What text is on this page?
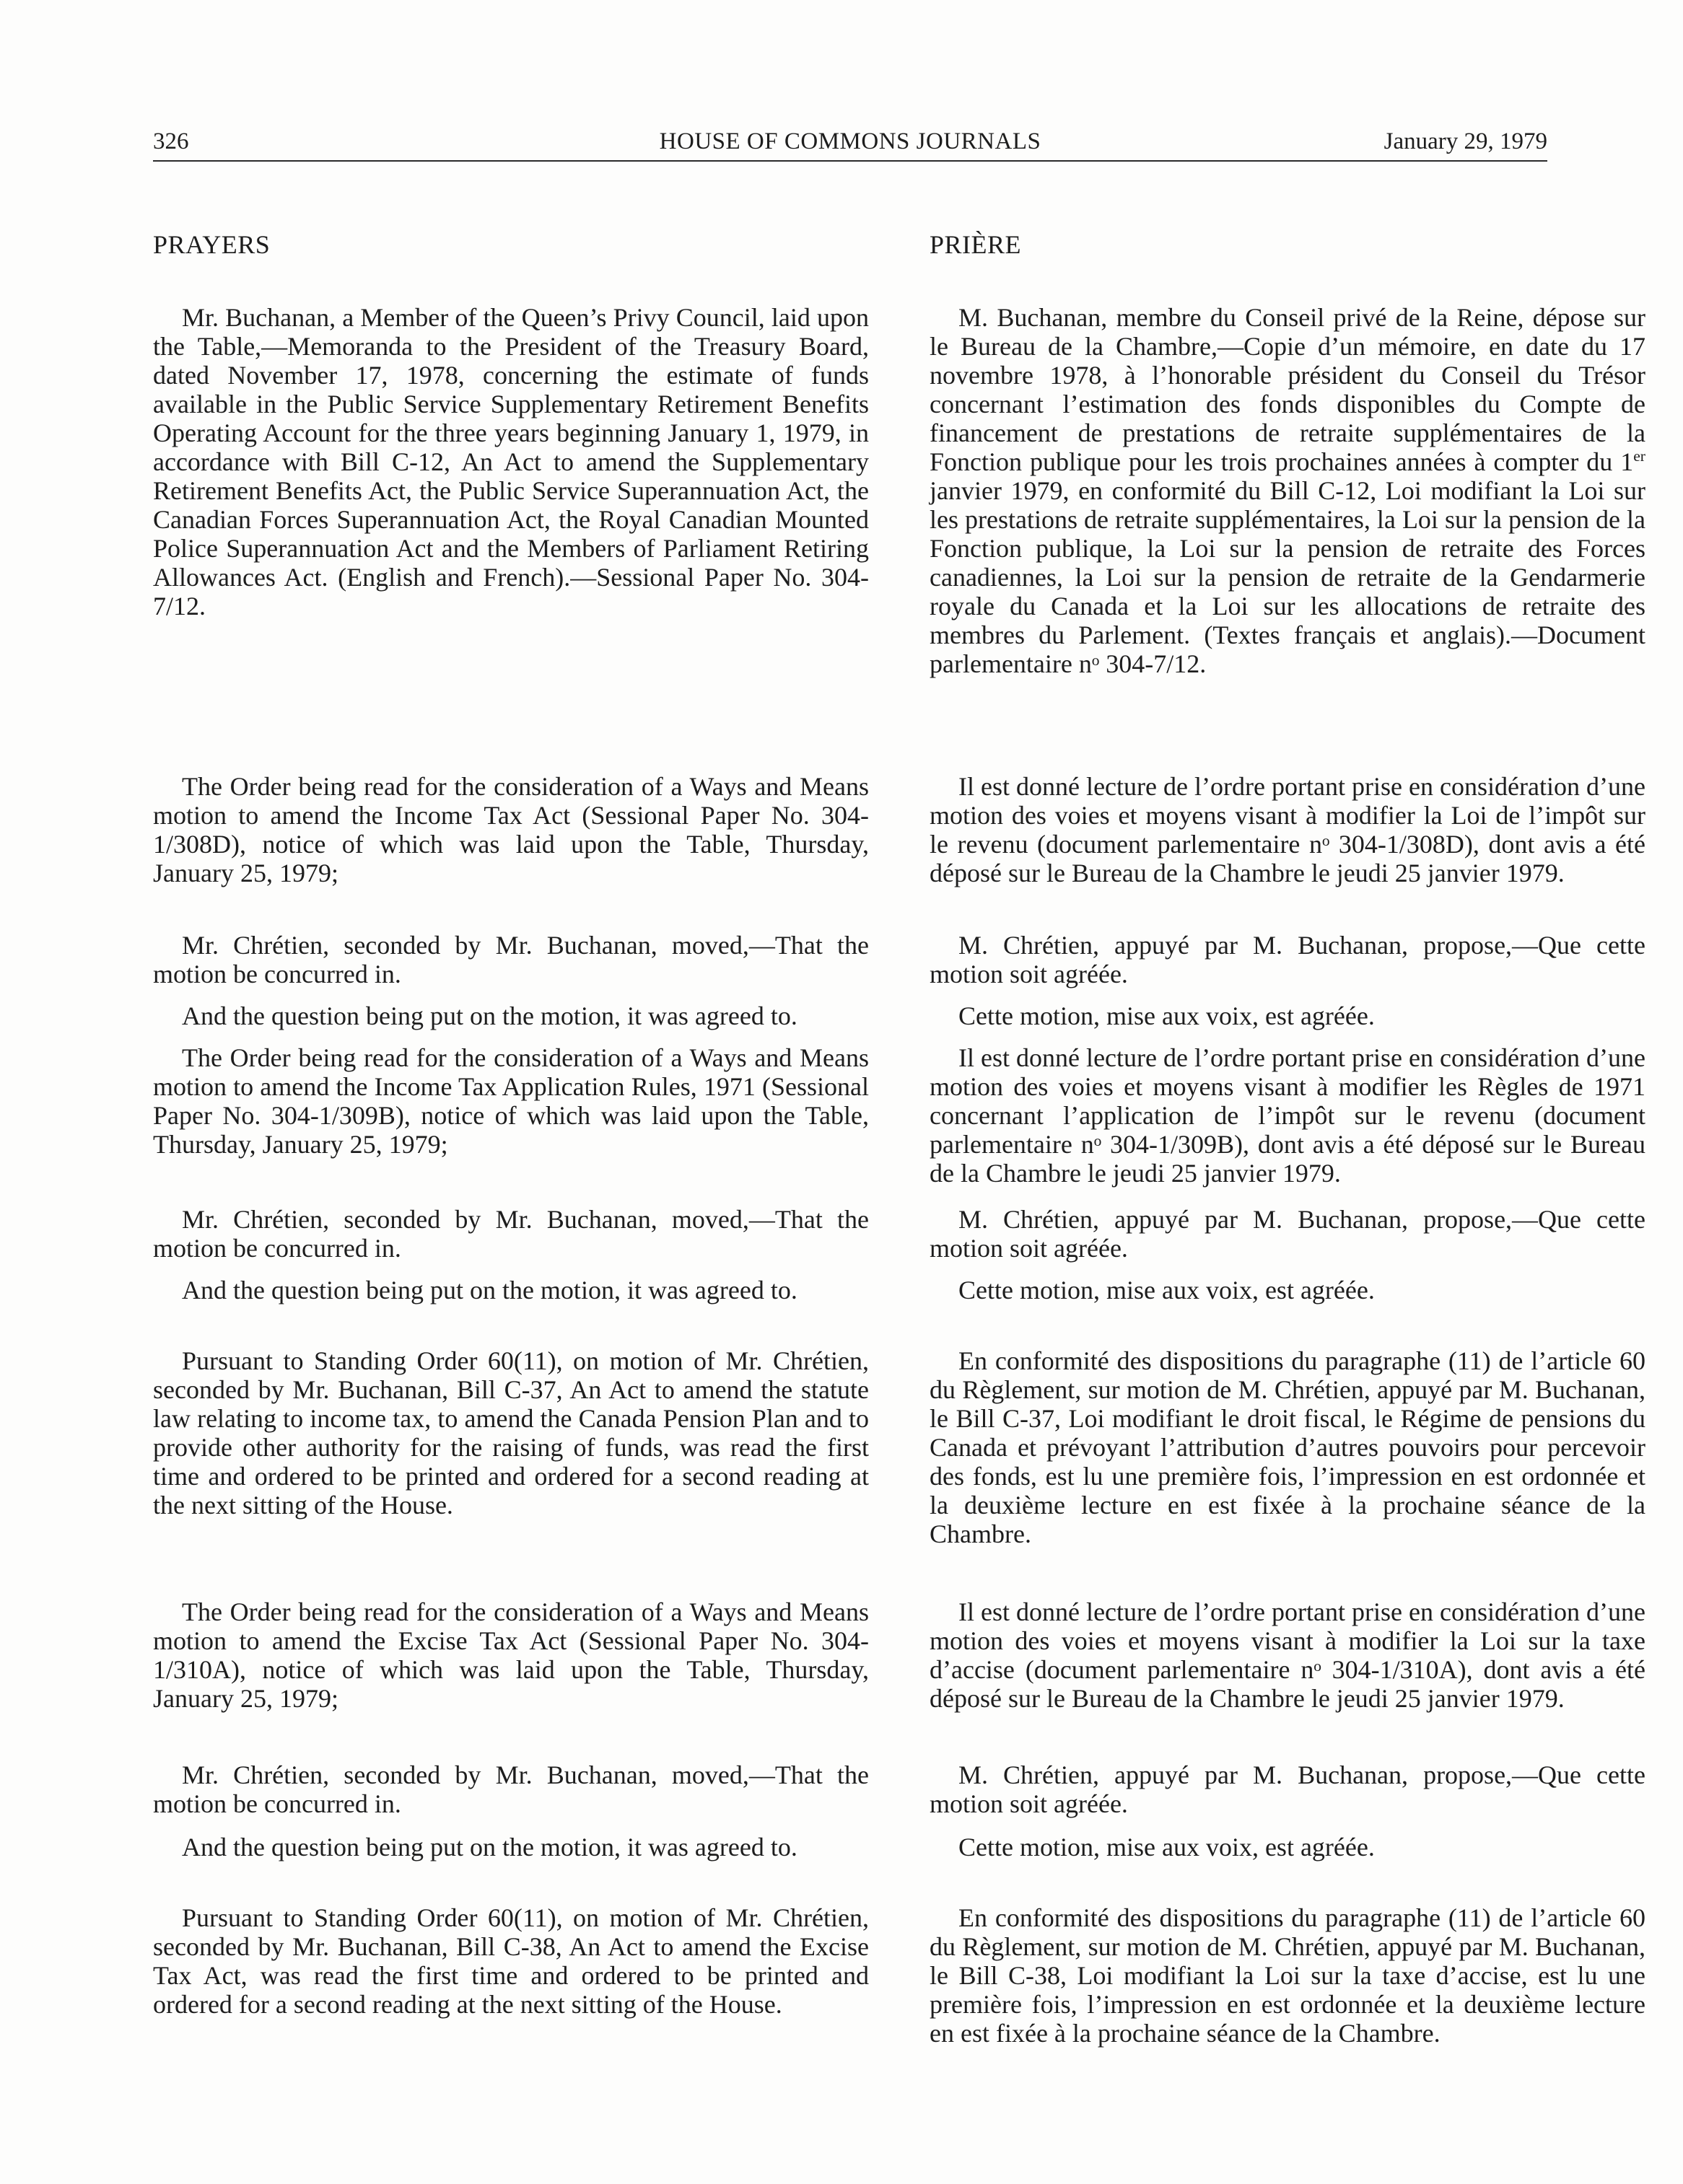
326	HOUSE OF COMMONS JOURNALS	January 29, 1979
PRAYERS
Mr. Buchanan, a Member of the Queen’s Privy Council, laid upon the Table,—Memoranda to the President of the Treasury Board, dated November 17, 1978, concerning the estimate of funds available in the Public Service Supplementary Retirement Benefits Operating Account for the three years beginning January 1, 1979, in accordance with Bill C-12, An Act to amend the Supplementary Retirement Benefits Act, the Public Service Superannuation Act, the Canadian Forces Superannuation Act, the Royal Canadian Mounted Police Superannuation Act and the Members of Parliament Retiring Allowances Act. (English and French).—Sessional Paper No. 304-7/12.
The Order being read for the consideration of a Ways and Means motion to amend the Income Tax Act (Sessional Paper No. 304-1/308D), notice of which was laid upon the Table, Thursday, January 25, 1979;
Mr. Chrétien, seconded by Mr. Buchanan, moved,—That the motion be concurred in.
And the question being put on the motion, it was agreed to.
The Order being read for the consideration of a Ways and Means motion to amend the Income Tax Application Rules, 1971 (Sessional Paper No. 304-1/309B), notice of which was laid upon the Table, Thursday, January 25, 1979;
Mr. Chrétien, seconded by Mr. Buchanan, moved,—That the motion be concurred in.
And the question being put on the motion, it was agreed to.
Pursuant to Standing Order 60(11), on motion of Mr. Chrétien, seconded by Mr. Buchanan, Bill C-37, An Act to amend the statute law relating to income tax, to amend the Canada Pension Plan and to provide other authority for the raising of funds, was read the first time and ordered to be printed and ordered for a second reading at the next sitting of the House.
The Order being read for the consideration of a Ways and Means motion to amend the Excise Tax Act (Sessional Paper No. 304-1/310A), notice of which was laid upon the Table, Thursday, January 25, 1979;
Mr. Chrétien, seconded by Mr. Buchanan, moved,—That the motion be concurred in.
And the question being put on the motion, it was agreed to.
Pursuant to Standing Order 60(11), on motion of Mr. Chrétien, seconded by Mr. Buchanan, Bill C-38, An Act to amend the Excise Tax Act, was read the first time and ordered to be printed and ordered for a second reading at the next sitting of the House.
PRIÈRE
M. Buchanan, membre du Conseil privé de la Reine, dépose sur le Bureau de la Chambre,—Copie d’un mémoire, en date du 17 novembre 1978, à l’honorable président du Conseil du Trésor concernant l’estimation des fonds disponibles du Compte de financement de prestations de retraite supplémentaires de la Fonction publique pour les trois prochaines années à compter du 1er janvier 1979, en conformité du Bill C-12, Loi modifiant la Loi sur les prestations de retraite supplémentaires, la Loi sur la pension de la Fonction publique, la Loi sur la pension de retraite des Forces canadiennes, la Loi sur la pension de retraite de la Gendarmerie royale du Canada et la Loi sur les allocations de retraite des membres du Parlement. (Textes français et anglais).—Document parlementaire nᵒ 304-7/12.
Il est donné lecture de l’ordre portant prise en considération d’une motion des voies et moyens visant à modifier la Loi de l’impôt sur le revenu (document parlementaire nᵒ 304-1/308D), dont avis a été déposé sur le Bureau de la Chambre le jeudi 25 janvier 1979.
M. Chrétien, appuyé par M. Buchanan, propose,—Que cette motion soit agréée.
Cette motion, mise aux voix, est agréée.
Il est donné lecture de l’ordre portant prise en considération d’une motion des voies et moyens visant à modifier les Règles de 1971 concernant l’application de l’impôt sur le revenu (document parlementaire nᵒ 304-1/309B), dont avis a été déposé sur le Bureau de la Chambre le jeudi 25 janvier 1979.
M. Chrétien, appuyé par M. Buchanan, propose,—Que cette motion soit agréée.
Cette motion, mise aux voix, est agréée.
En conformité des dispositions du paragraphe (11) de l’article 60 du Règlement, sur motion de M. Chrétien, appuyé par M. Buchanan, le Bill C-37, Loi modifiant le droit fiscal, le Régime de pensions du Canada et prévoyant l’attribution d’autres pouvoirs pour percevoir des fonds, est lu une première fois, l’impression en est ordonnée et la deuxième lecture en est fixée à la prochaine séance de la Chambre.
Il est donné lecture de l’ordre portant prise en considération d’une motion des voies et moyens visant à modifier la Loi sur la taxe d’accise (document parlementaire nᵒ 304-1/310A), dont avis a été déposé sur le Bureau de la Chambre le jeudi 25 janvier 1979.
M. Chrétien, appuyé par M. Buchanan, propose,—Que cette motion soit agréée.
Cette motion, mise aux voix, est agréée.
En conformité des dispositions du paragraphe (11) de l’article 60 du Règlement, sur motion de M. Chrétien, appuyé par M. Buchanan, le Bill C-38, Loi modifiant la Loi sur la taxe d’accise, est lu une première fois, l’impression en est ordonnée et la deuxième lecture en est fixée à la prochaine séance de la Chambre.
